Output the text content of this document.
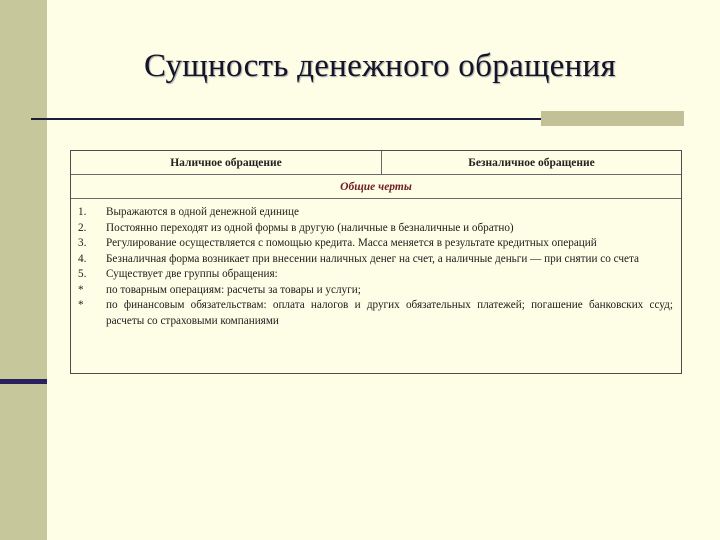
Сущность денежного обращения
Наличное обращение	Безналичное обращение
Общие черты
1.	Выражаются в одной денежной единице
2.	Постоянно переходят из одной формы в другую (наличные в безналичные и обратно)
3.	Регулирование осуществляется с помощью кредита. Масса меняется в результате кредитных операций
4.	Безналичная форма возникает при внесении наличных денег на счет, а наличные деньги — при снятии со счета
5.	Существует две группы обращения:
*	по товарным операциям: расчеты за товары и услуги;
*	по финансовым обязательствам: оплата налогов и других обязательных платежей; погашение банковских ссуд; расчеты со страховыми компаниями
